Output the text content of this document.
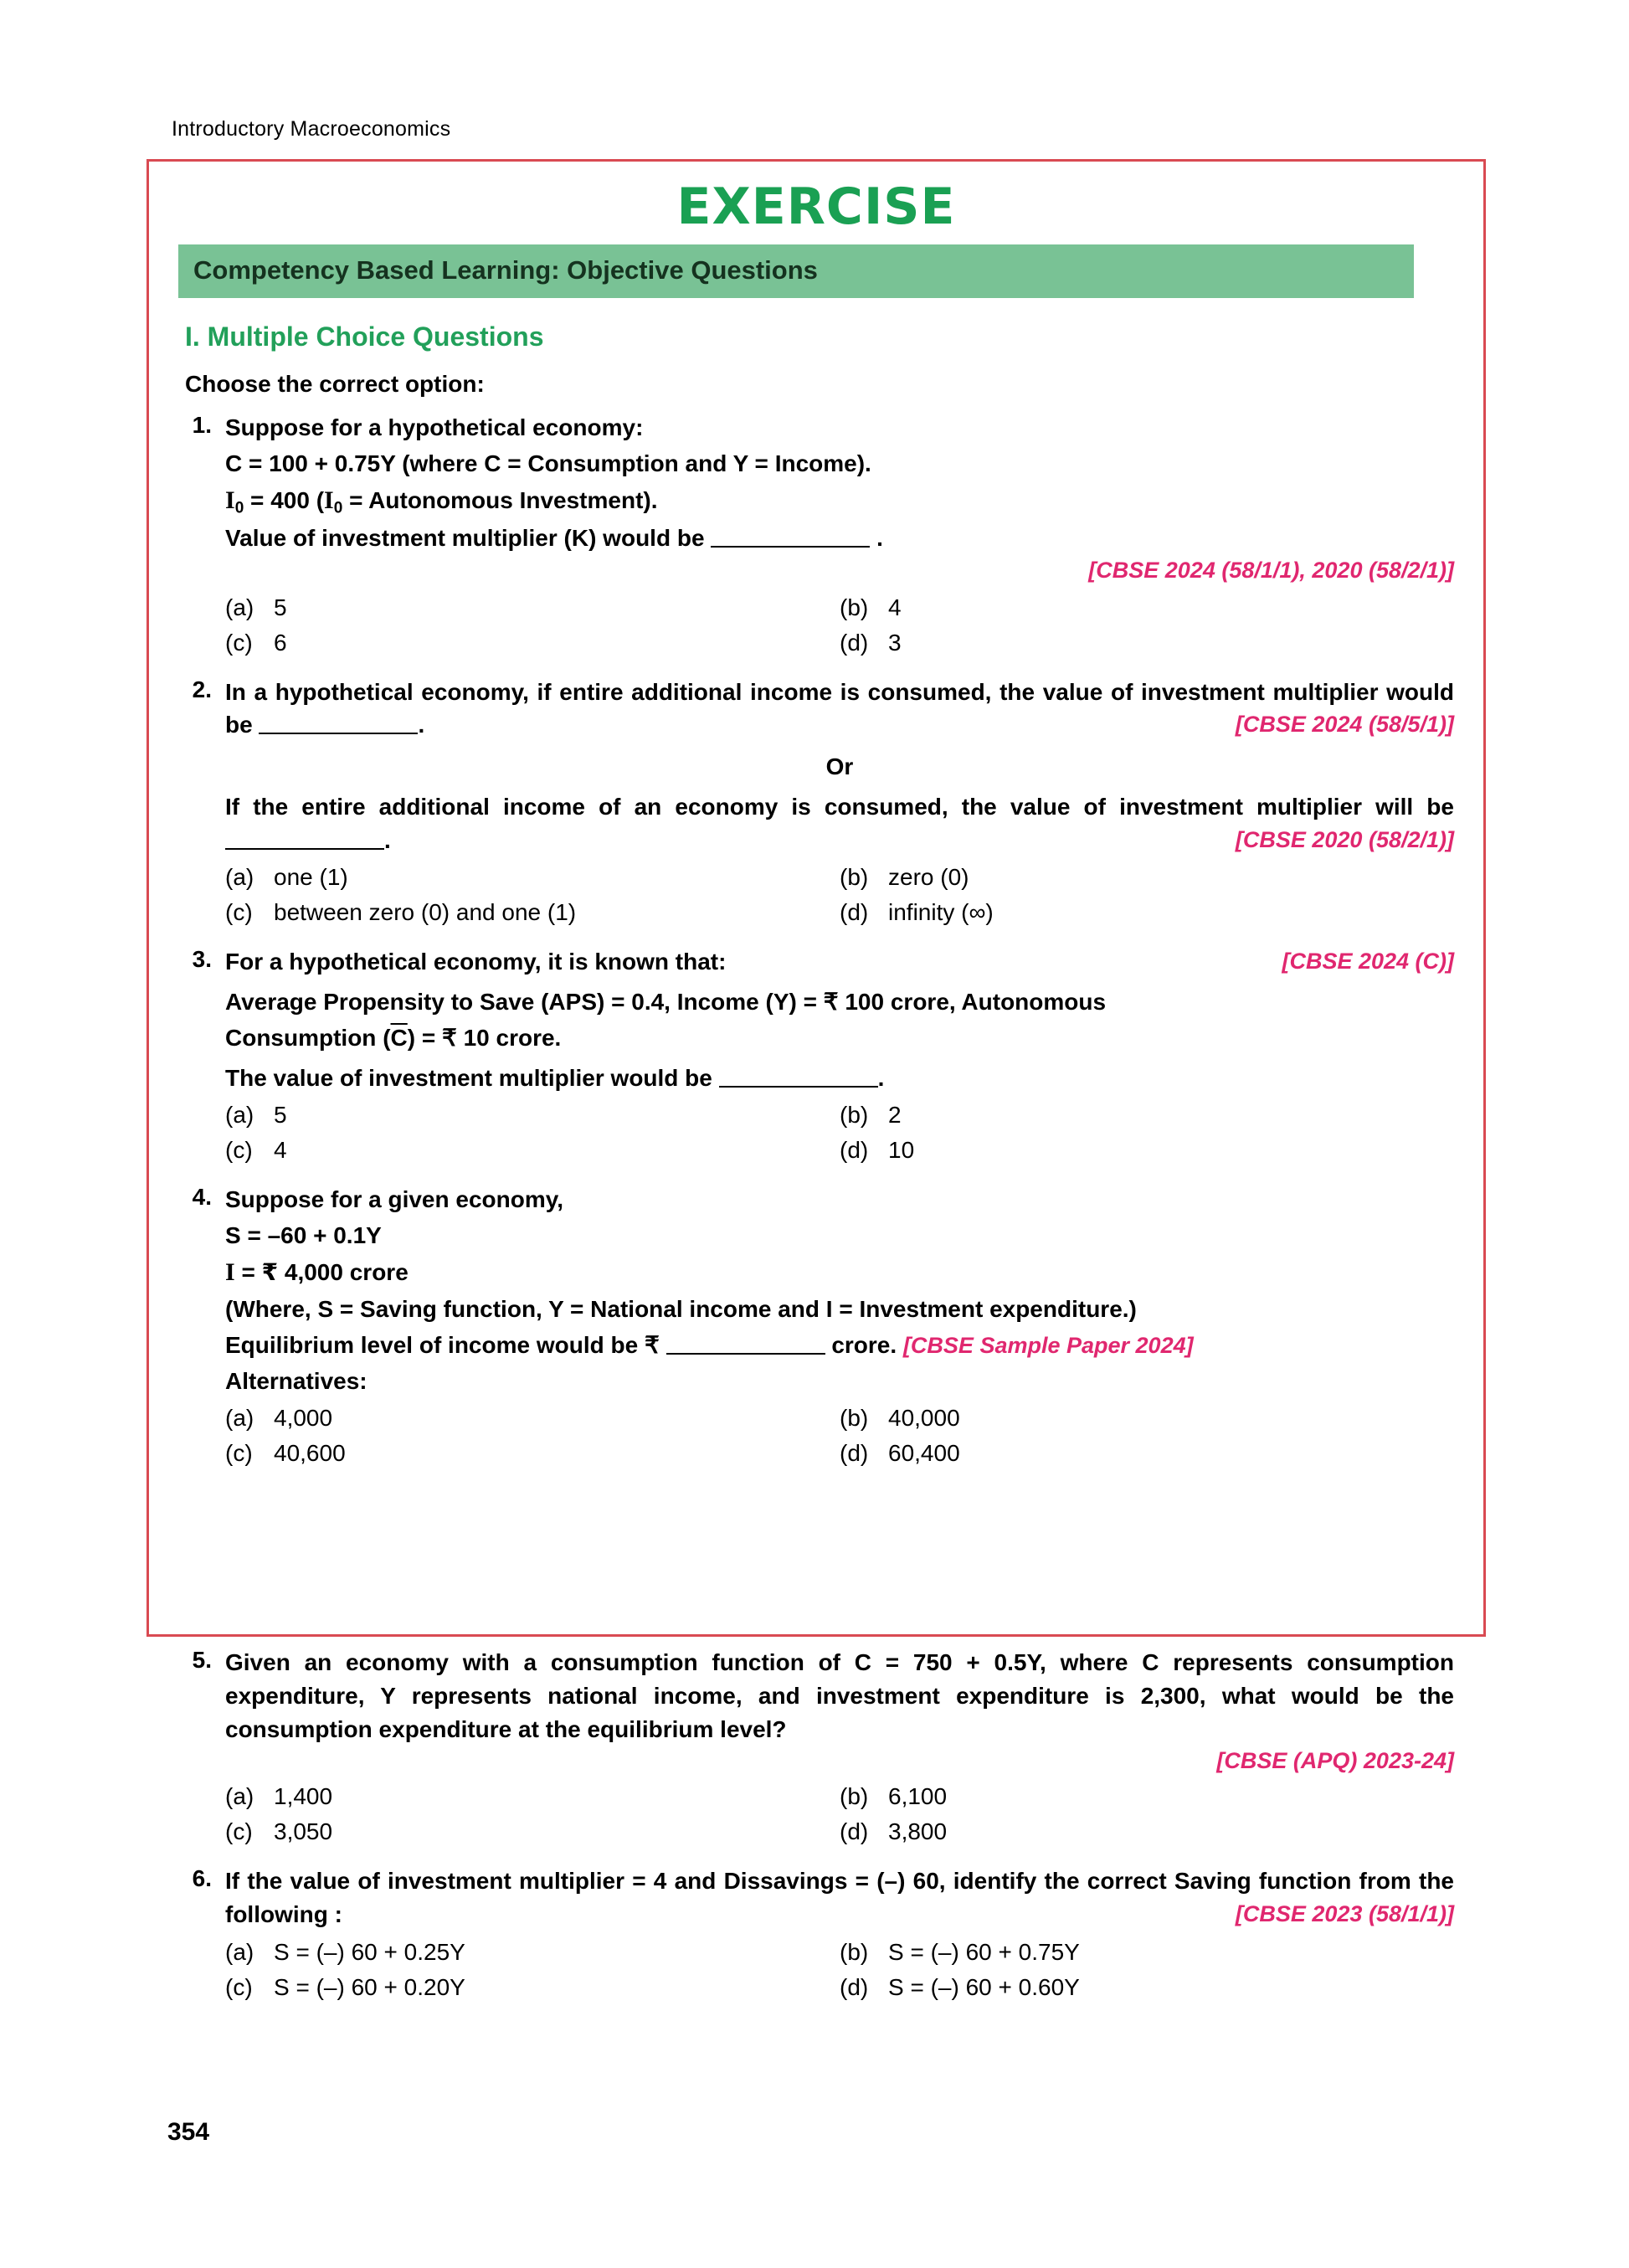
Introductory Macroeconomics
EXERCISE
Competency Based Learning: Objective Questions
I. Multiple Choice Questions
Choose the correct option:
1. Suppose for a hypothetical economy:
C = 100 + 0.75Y (where C = Consumption and Y = Income).
$I_0 = 400$ ($I_0$ = Autonomous Investment).
Value of investment multiplier (K) would be	.
[CBSE 2024 (58/1/1), 2020 (58/2/1)]
(a) 5	(b) 4
(c) 6	(d) 3
2. In a hypothetical economy, if entire additional income is consumed, the value of investment multiplier would be	.	[CBSE 2024 (58/5/1)]
Or
If the entire additional income of an economy is consumed, the value of investment multiplier will be .	[CBSE 2020 (58/2/1)]
(a) one (1)	(b) zero (0)
(c) between zero (0) and one (1)	(d) infinity (∞)
3. For a hypothetical economy, it is known that:	[CBSE 2024 (C)]
Average Propensity to Save (APS) = 0.4, Income (Y) = ₹ 100 crore, Autonomous
Consumption $(\overline{C})$ = ₹ 10 crore.
The value of investment multiplier would be	.
(a) 5	(b) 2
(c) 4	(d) 10
4. Suppose for a given economy,
S = –60 + 0.1Y
I = ₹ 4,000 crore
(Where, S = Saving function, Y = National income and I = Investment expenditure.)
Equilibrium level of income would be ₹	crore. [CBSE Sample Paper 2024]
Alternatives:
(a) 4,000	(b) 40,000
(c) 40,600	(d) 60,400
5. Given an economy with a consumption function of C = 750 + 0.5Y, where C represents consumption expenditure, Y represents national income, and investment expenditure is 2,300, what would be the consumption expenditure at the equilibrium level?
[CBSE (APQ) 2023-24]
(a) 1,400	(b) 6,100
(c) 3,050	(d) 3,800
6. If the value of investment multiplier = 4 and Dissavings = (–) 60, identify the correct Saving function from the following :	[CBSE 2023 (58/1/1)]
(a) S = (–) 60 + 0.25Y	(b) S = (–) 60 + 0.75Y
(c) S = (–) 60 + 0.20Y	(d) S = (–) 60 + 0.60Y
354
